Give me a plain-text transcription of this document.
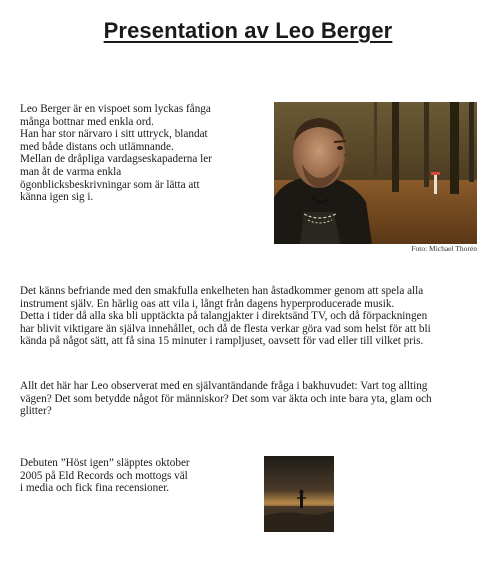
Presentation av Leo Berger

Leo Berger är en vispoet som lyckas fånga
många bottnar med enkla ord.
Han har stor närvaro i sitt uttryck, blandat
med både distans och utlämnande.
Mellan de dråpliga vardagseskapaderna ler
man åt de varma enkla
ögonblicksbeskrivningar som är lätta att
känna igen sig i.

Foto: Michael Thorén

Det känns befriande med den smakfulla enkelheten han åstadkommer genom att spela alla
instrument själv. En härlig oas att vila i, långt från dagens hyperproducerade musik.
Detta i tider då alla ska bli upptäckta på talangjakter i direktsänd TV, och då förpackningen
har blivit viktigare än själva innehållet, och då de flesta verkar göra vad som helst för att bli
kända på något sätt, att få sina 15 minuter i rampljuset, oavsett för vad eller till vilket pris.

Allt det här har Leo observerat med en självantändande fråga i bakhuvudet: Vart tog allting
vägen? Det som betydde något för människor? Det som var äkta och inte bara yta, glam och
glitter?

Debuten ”Höst igen” släpptes oktober
2005 på Eld Records och mottogs väl
i media och fick fina recensioner.
